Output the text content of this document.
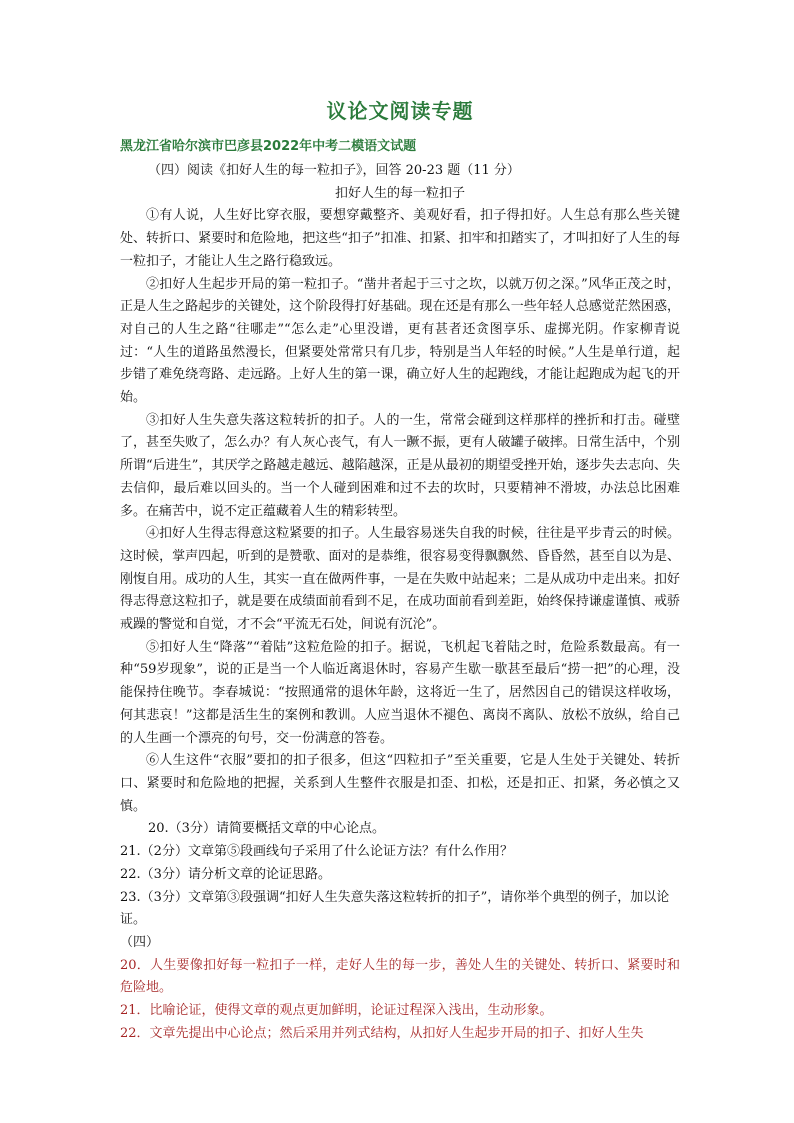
议论文阅读专题
黑龙江省哈尔滨市巴彦县2022年中考二模语文试题

（四）阅读《扣好人生的每一粒扣子》，回答 20-23 题（11 分）

扣好人生的每一粒扣子

①有人说，人生好比穿衣服，要想穿戴整齐、美观好看，扣子得扣好。人生总有那么些关键处、转折口、紧要时和危险地，把这些“扣子”扣准、扣紧、扣牢和扣踏实了，才叫扣好了人生的每一粒扣子，才能让人生之路行稳致远。

②扣好人生起步开局的第一粒扣子。“凿井者起于三寸之坎，以就万仞之深。”风华正茂之时，正是人生之路起步的关键处，这个阶段得打好基础。现在还是有那么一些年轻人总感觉茫然困惑，对自己的人生之路“往哪走”“怎么走”心里没谱，更有甚者还贪图享乐、虚掷光阴。作家柳青说过：“人生的道路虽然漫长，但紧要处常常只有几步，特别是当人年轻的时候。”人生是单行道，起步错了难免绕弯路、走远路。上好人生的第一课，确立好人生的起跑线，才能让起跑成为起飞的开始。

③扣好人生失意失落这粒转折的扣子。人的一生，常常会碰到这样那样的挫折和打击。碰壁了，甚至失败了，怎么办？有人灰心丧气，有人一蹶不振，更有人破罐子破摔。日常生活中，个别所谓“后进生”，其厌学之路越走越远、越陷越深，正是从最初的期望受挫开始，逐步失去志向、失去信仰，最后难以回头的。当一个人碰到困难和过不去的坎时，只要精神不滑坡，办法总比困难多。在痛苦中，说不定正蕴藏着人生的精彩转型。

④扣好人生得志得意这粒紧要的扣子。人生最容易迷失自我的时候，往往是平步青云的时候。这时候，掌声四起，听到的是赞歌、面对的是恭维，很容易变得飘飘然、昏昏然，甚至自以为是、刚愎自用。成功的人生，其实一直在做两件事，一是在失败中站起来；二是从成功中走出来。扣好得志得意这粒扣子，就是要在成绩面前看到不足，在成功面前看到差距，始终保持谦虚谨慎、戒骄戒躁的警觉和自觉，才不会“平流无石处，间说有沉沦”。

⑤扣好人生“降落”“着陆”这粒危险的扣子。据说，飞机起飞着陆之时，危险系数最高。有一种“59岁现象”，说的正是当一个人临近离退休时，容易产生歇一歇甚至最后“捞一把”的心理，没能保持住晚节。李春城说：“按照通常的退休年龄，这将近一生了，居然因自己的错误这样收场，何其悲哀！”这都是活生生的案例和教训。人应当退休不褪色、离岗不离队、放松不放纵，给自己的人生画一个漂亮的句号，交一份满意的答卷。

⑥人生这件“衣服”要扣的扣子很多，但这“四粒扣子”至关重要，它是人生处于关键处、转折口、紧要时和危险地的把握，关系到人生整件衣服是扣歪、扣松，还是扣正、扣紧，务必慎之又慎。

20.（3分）请简要概括文章的中心论点。

21.（2分）文章第⑤段画线句子采用了什么论证方法？有什么作用？

22.（3分）请分析文章的论证思路。

23.（3分）文章第③段强调“扣好人生失意失落这粒转折的扣子”，请你举个典型的例子，加以论证。

（四）

20．人生要像扣好每一粒扣子一样，走好人生的每一步，善处人生的关键处、转折口、紧要时和危险地。

21．比喻论证，使得文章的观点更加鲜明，论证过程深入浅出，生动形象。

22．文章先提出中心论点；然后采用并列式结构，从扣好人生起步开局的扣子、扣好人生失
